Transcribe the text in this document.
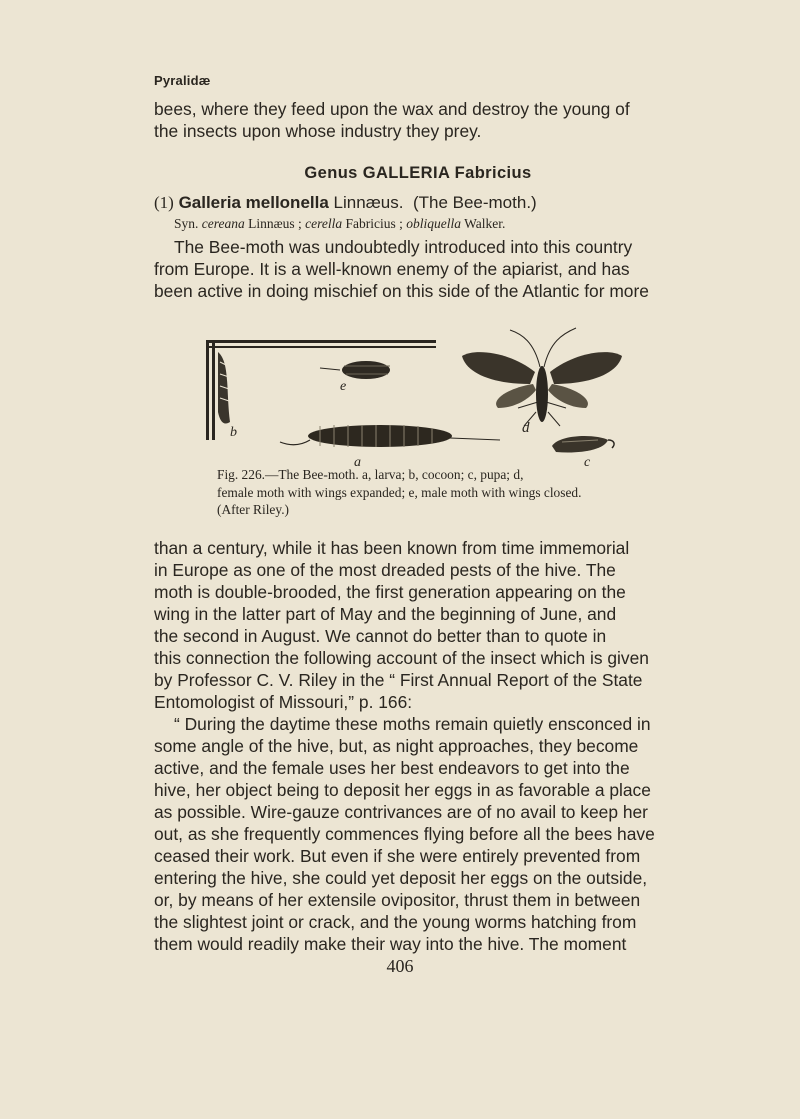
Pyralidæ
bees, where they feed upon the wax and destroy the young of
the insects upon whose industry they prey.
Genus GALLERIA Fabricius
(1) Galleria mellonella Linnæus. (The Bee-moth.)
Syn. cereana Linnæus ; cerella Fabricius ; obliquella Walker.
The Bee-moth was undoubtedly introduced into this country
from Europe. It is a well-known enemy of the apiarist, and has
been active in doing mischief on this side of the Atlantic for more
b
e
a
d
c
Fig. 226.—The Bee-moth. a, larva; b, cocoon; c, pupa; d,
female moth with wings expanded; e, male moth with wings closed.
(After Riley.)
than a century, while it has been known from time immemorial
in Europe as one of the most dreaded pests of the hive. The
moth is double-brooded, the first generation appearing on the
wing in the latter part of May and the beginning of June, and
the second in August. We cannot do better than to quote in
this connection the following account of the insect which is given
by Professor C. V. Riley in the “ First Annual Report of the State
Entomologist of Missouri,” p. 166:
“ During the daytime these moths remain quietly ensconced in
some angle of the hive, but, as night approaches, they become
active, and the female uses her best endeavors to get into the
hive, her object being to deposit her eggs in as favorable a place
as possible. Wire-gauze contrivances are of no avail to keep her
out, as she frequently commences flying before all the bees have
ceased their work. But even if she were entirely prevented from
entering the hive, she could yet deposit her eggs on the outside,
or, by means of her extensile ovipositor, thrust them in between
the slightest joint or crack, and the young worms hatching from
them would readily make their way into the hive. The moment
406
